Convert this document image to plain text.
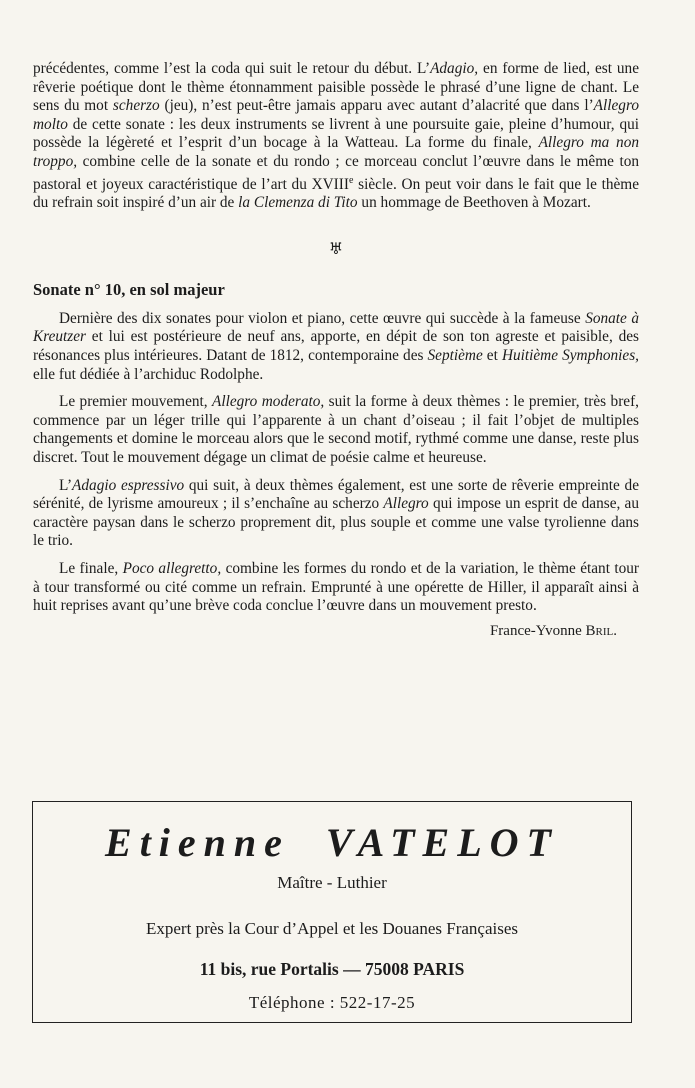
précédentes, comme l’est la coda qui suit le retour du début. L’Adagio, en forme de lied, est une rêverie poétique dont le thème étonnamment paisible possède le phrasé d’une ligne de chant. Le sens du mot scherzo (jeu), n’est peut-être jamais apparu avec autant d’alacrité que dans l’Allegro molto de cette sonate : les deux instruments se livrent à une poursuite gaie, pleine d’humour, qui possède la légèreté et l’esprit d’un bocage à la Watteau. La forme du finale, Allegro ma non troppo, combine celle de la sonate et du rondo ; ce morceau conclut l’œuvre dans le même ton pastoral et joyeux caractéristique de l’art du XVIIIe siècle. On peut voir dans le fait que le thème du refrain soit inspiré d’un air de la Clemenza di Tito un hommage de Beethoven à Mozart.

♅
Sonate n° 10, en sol majeur

Dernière des dix sonates pour violon et piano, cette œuvre qui succède à la fameuse Sonate à Kreutzer et lui est postérieure de neuf ans, apporte, en dépit de son ton agreste et paisible, des résonances plus intérieures. Datant de 1812, contemporaine des Septième et Huitième Symphonies, elle fut dédiée à l’archiduc Rodolphe.

Le premier mouvement, Allegro moderato, suit la forme à deux thèmes : le premier, très bref, commence par un léger trille qui l’apparente à un chant d’oiseau ; il fait l’objet de multiples changements et domine le morceau alors que le second motif, rythmé comme une danse, reste plus discret. Tout le mouvement dégage un climat de poésie calme et heureuse.

L’Adagio espressivo qui suit, à deux thèmes également, est une sorte de rêverie empreinte de sérénité, de lyrisme amoureux ; il s’enchaîne au scherzo Allegro qui impose un esprit de danse, au caractère paysan dans le scherzo proprement dit, plus souple et comme une valse tyrolienne dans le trio.

Le finale, Poco allegretto, combine les formes du rondo et de la variation, le thème étant tour à tour transformé ou cité comme un refrain. Emprunté à une opérette de Hiller, il apparaît ainsi à huit reprises avant qu’une brève coda conclue l’œuvre dans un mouvement presto.

France-Yvonne Bril.
Etienne VATELOT
Maître - Luthier
Expert près la Cour d’Appel et les Douanes Françaises
11 bis, rue Portalis — 75008 PARIS
Téléphone : 522-17-25
